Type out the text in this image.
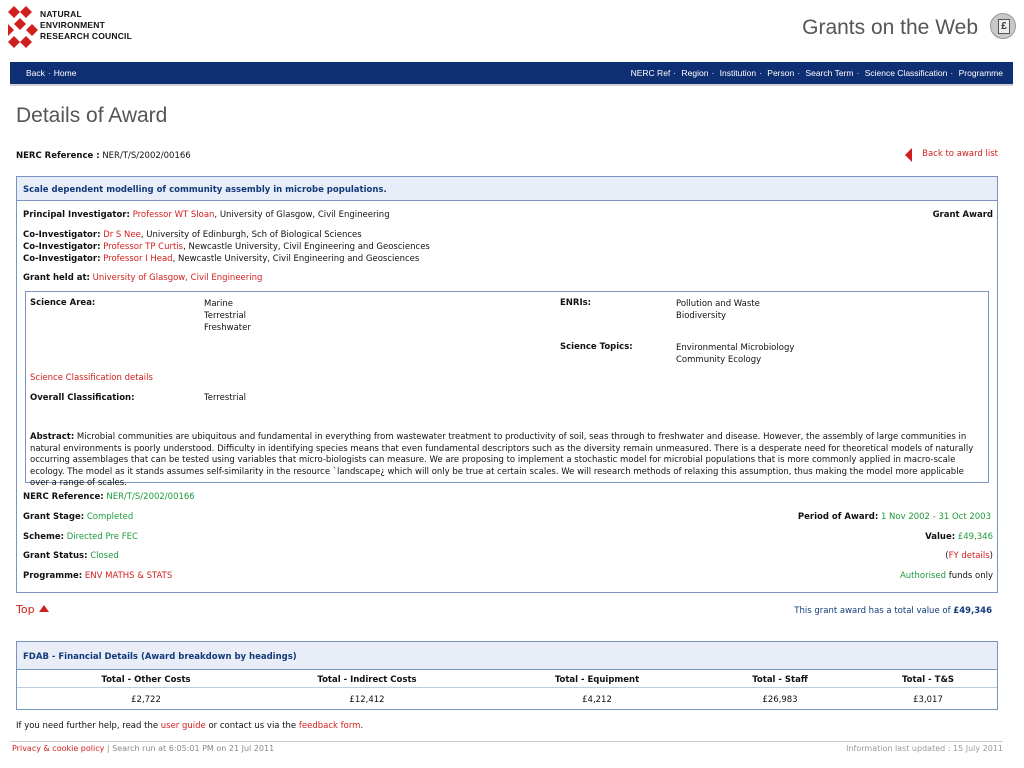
NATURAL
ENVIRONMENT
RESEARCH COUNCIL	Grants on the Web	£
Back · Home	NERC Ref · Region · Institution · Person · Search Term · Science Classification · Programme
Details of Award
NERC Reference : NER/T/S/2002/00166	Back to award list
Scale dependent modelling of community assembly in microbe populations.
Principal Investigator: Professor WT Sloan, University of Glasgow, Civil Engineering	Grant Award
Co-Investigator: Dr S Nee, University of Edinburgh, Sch of Biological Sciences
Co-Investigator: Professor TP Curtis, Newcastle University, Civil Engineering and Geosciences
Co-Investigator: Professor I Head, Newcastle University, Civil Engineering and Geosciences
Grant held at: University of Glasgow, Civil Engineering
Science Area:	Marine
Terrestrial
Freshwater
ENRIs:	Pollution and Waste
Biodiversity
Science Topics:	Environmental Microbiology
Community Ecology
Science Classification details
Overall Classification:	Terrestrial
Abstract: Microbial communities are ubiquitous and fundamental in everything from wastewater treatment to productivity of soil, seas through to freshwater and disease. However, the assembly of large communities in natural environments is poorly understood. Difficulty in identifying species means that even fundamental descriptors such as the diversity remain unmeasured. There is a desperate need for theoretical models of naturally occurring assemblages that can be tested using variables that micro-biologists can measure. We are proposing to implement a stochastic model for microbial populations that is more commonly applied in macro-scale ecology. The model as it stands assumes self-similarity in the resource `landscape¿ which will only be true at certain scales. We will research methods of relaxing this assumption, thus making the model more applicable over a range of scales.
NERC Reference: NER/T/S/2002/00166
Grant Stage: Completed
Scheme: Directed Pre FEC
Grant Status: Closed
Programme: ENV MATHS & STATS
Period of Award: 1 Nov 2002 - 31 Oct 2003
Value: £49,346
(FY details)
Authorised funds only
Top	This grant award has a total value of £49,346
FDAB - Financial Details (Award breakdown by headings)
Total - Other Costs	Total - Indirect Costs	Total - Equipment	Total - Staff	Total - T&S
£2,722	£12,412	£4,212	£26,983	£3,017
If you need further help, read the user guide or contact us via the feedback form.
Privacy & cookie policy | Search run at 6:05:01 PM on 21 Jul 2011	Information last updated : 15 July 2011
